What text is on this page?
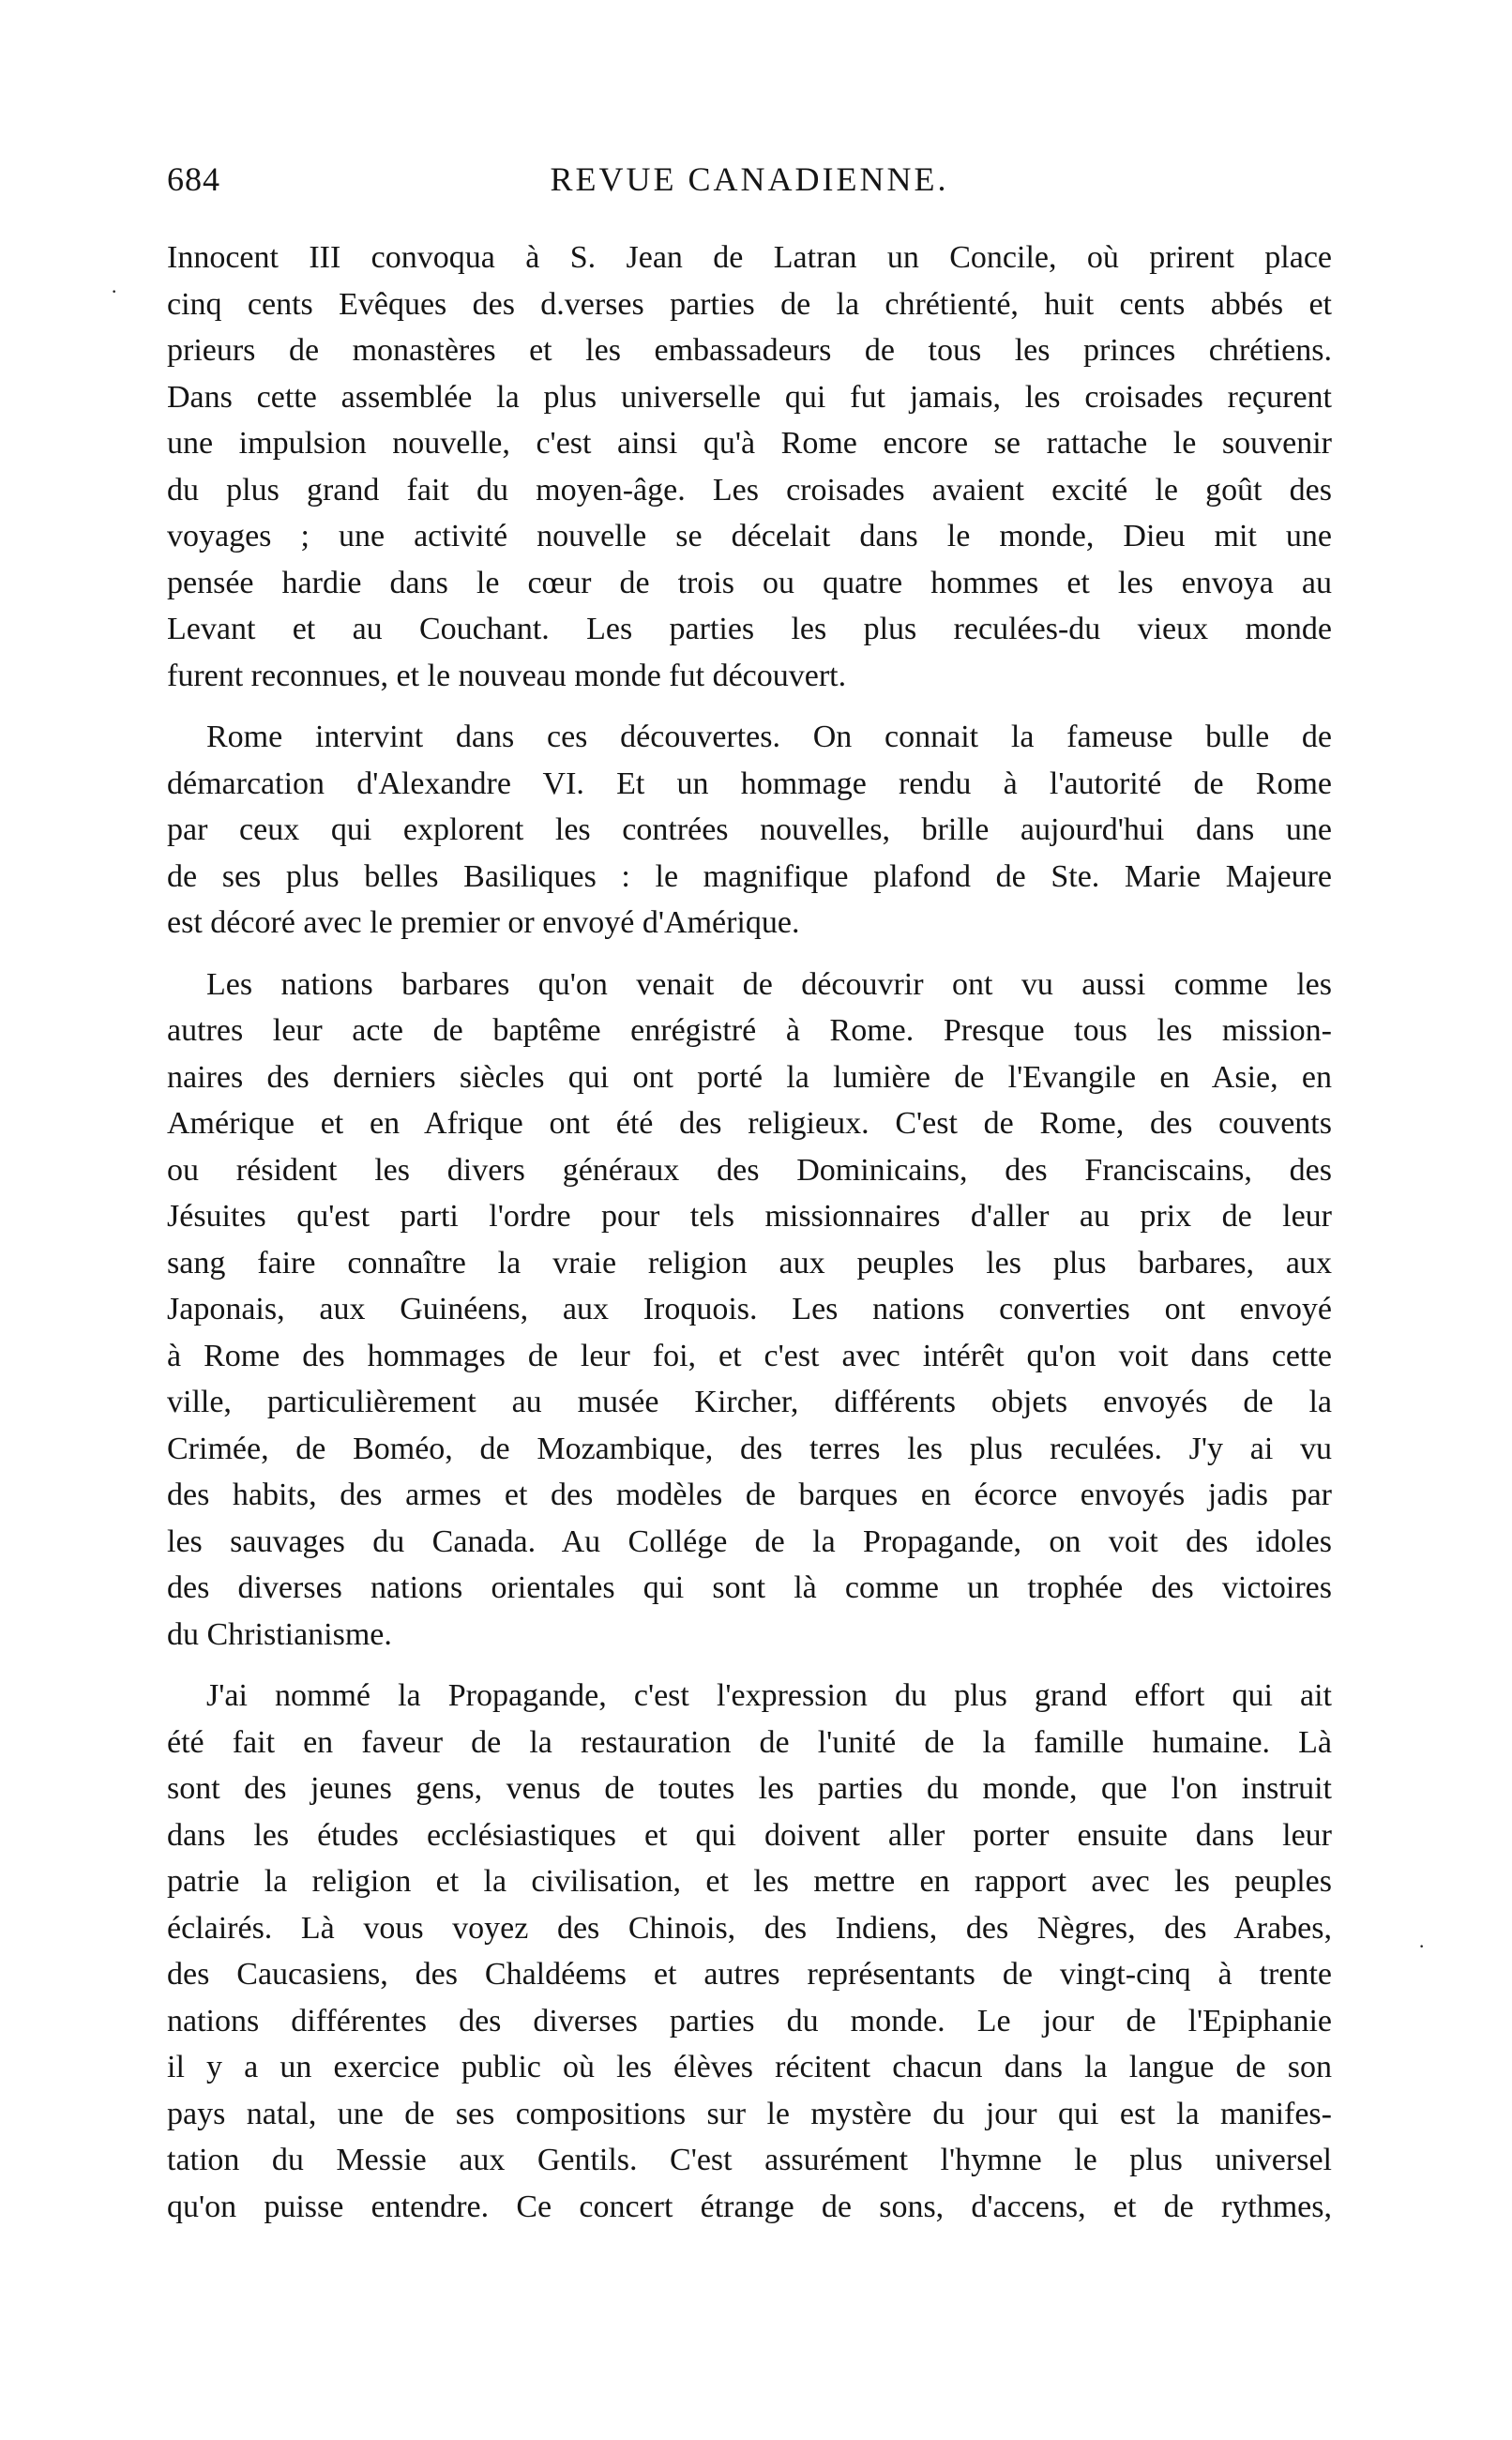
684	REVUE CANADIENNE.
·
·

Innocent III convoqua à S. Jean de Latran un Concile, où prirent place
cinq cents Evêques des d.verses parties de la chrétienté, huit cents abbés et
prieurs de monastères et les embassadeurs de tous les princes chrétiens.
Dans cette assemblée la plus universelle qui fut jamais, les croisades reçurent
une impulsion nouvelle, c'est ainsi qu'à Rome encore se rattache le souvenir
du plus grand fait du moyen-âge. Les croisades avaient excité le goût des
voyages ; une activité nouvelle se décelait dans le monde, Dieu mit une
pensée hardie dans le cœur de trois ou quatre hommes et les envoya au
Levant et au Couchant. Les parties les plus reculées-du vieux monde
furent reconnues, et le nouveau monde fut découvert.

Rome intervint dans ces découvertes. On connait la fameuse bulle de
démarcation d'Alexandre VI. Et un hommage rendu à l'autorité de Rome
par ceux qui explorent les contrées nouvelles, brille aujourd'hui dans une
de ses plus belles Basiliques : le magnifique plafond de Ste. Marie Majeure
est décoré avec le premier or envoyé d'Amérique.

Les nations barbares qu'on venait de découvrir ont vu aussi comme les
autres leur acte de baptême enrégistré à Rome. Presque tous les mission-
naires des derniers siècles qui ont porté la lumière de l'Evangile en Asie, en
Amérique et en Afrique ont été des religieux. C'est de Rome, des couvents
ou résident les divers généraux des Dominicains, des Franciscains, des
Jésuites qu'est parti l'ordre pour tels missionnaires d'aller au prix de leur
sang faire connaître la vraie religion aux peuples les plus barbares, aux
Japonais, aux Guinéens, aux Iroquois. Les nations converties ont envoyé
à Rome des hommages de leur foi, et c'est avec intérêt qu'on voit dans cette
ville, particulièrement au musée Kircher, différents objets envoyés de la
Crimée, de Boméo, de Mozambique, des terres les plus reculées. J'y ai vu
des habits, des armes et des modèles de barques en écorce envoyés jadis par
les sauvages du Canada. Au Collége de la Propagande, on voit des idoles
des diverses nations orientales qui sont là comme un trophée des victoires
du Christianisme.

J'ai nommé la Propagande, c'est l'expression du plus grand effort qui ait
été fait en faveur de la restauration de l'unité de la famille humaine. Là
sont des jeunes gens, venus de toutes les parties du monde, que l'on instruit
dans les études ecclésiastiques et qui doivent aller porter ensuite dans leur
patrie la religion et la civilisation, et les mettre en rapport avec les peuples
éclairés. Là vous voyez des Chinois, des Indiens, des Nègres, des Arabes,
des Caucasiens, des Chaldéems et autres représentants de vingt-cinq à trente
nations différentes des diverses parties du monde. Le jour de l'Epiphanie
il y a un exercice public où les élèves récitent chacun dans la langue de son
pays natal, une de ses compositions sur le mystère du jour qui est la manifes-
tation du Messie aux Gentils. C'est assurément l'hymne le plus universel
qu'on puisse entendre. Ce concert étrange de sons, d'accens, et de rythmes,
